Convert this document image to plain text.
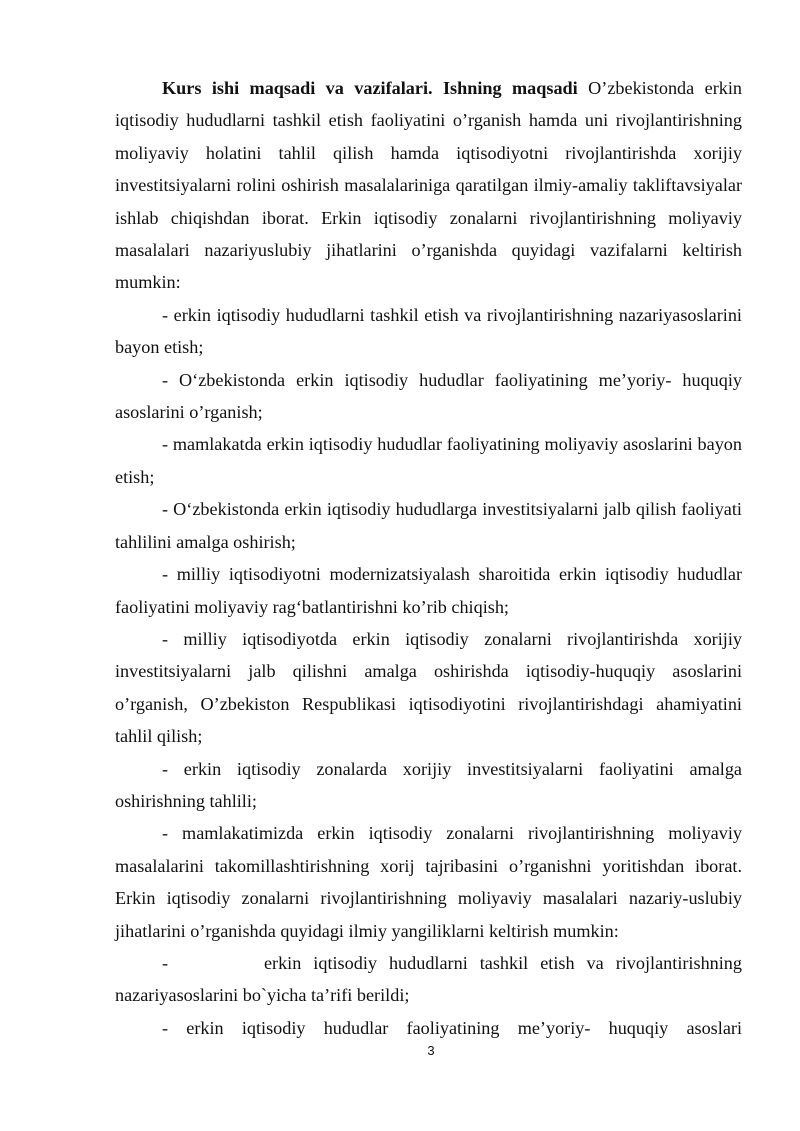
Kurs ishi maqsadi va vazifalari. Ishning maqsadi O’zbekistonda erkin iqtisodiy hududlarni tashkil etish faoliyatini o’rganish hamda uni rivojlantirishning moliyaviy holatini tahlil qilish hamda iqtisodiyotni rivojlantirishda xorijiy investitsiyalarni rolini oshirish masalalariniga qaratilgan ilmiy-amaliy takliftavsiyalar ishlab chiqishdan iborat. Erkin iqtisodiy zonalarni rivojlantirishning moliyaviy masalalari nazariyuslubiy jihatlarini o’rganishda quyidagi vazifalarni keltirish mumkin:

- erkin iqtisodiy hududlarni tashkil etish va rivojlantirishning nazariyasoslarini bayon etish;

- O‘zbekistonda erkin iqtisodiy hududlar faoliyatining me’yoriy- huquqiy asoslarini o’rganish;

- mamlakatda erkin iqtisodiy hududlar faoliyatining moliyaviy asoslarini bayon etish;

- O‘zbekistonda erkin iqtisodiy hududlarga investitsiyalarni jalb qilish faoliyati tahlilini amalga oshirish;

- milliy iqtisodiyotni modernizatsiyalash sharoitida erkin iqtisodiy hududlar faoliyatini moliyaviy rag‘batlantirishni ko’rib chiqish;

- milliy iqtisodiyotda erkin iqtisodiy zonalarni rivojlantirishda xorijiy investitsiyalarni jalb qilishni amalga oshirishda iqtisodiy-huquqiy asoslarini o’rganish, O’zbekiston Respublikasi iqtisodiyotini rivojlantirishdagi ahamiyatini tahlil qilish;

- erkin iqtisodiy zonalarda xorijiy investitsiyalarni faoliyatini amalga oshirishning tahlili;

- mamlakatimizda erkin iqtisodiy zonalarni rivojlantirishning moliyaviy masalalarini takomillashtirishning xorij tajribasini o’rganishni yoritishdan iborat. Erkin iqtisodiy zonalarni rivojlantirishning moliyaviy masalalari nazariy-uslubiy jihatlarini o’rganishda quyidagi ilmiy yangiliklarni keltirish mumkin:

-        erkin iqtisodiy hududlarni tashkil etish va rivojlantirishning nazariyasoslarini bo`yicha ta’rifi berildi;

- erkin iqtisodiy hududlar faoliyatining me’yoriy- huquqiy asoslari

3
